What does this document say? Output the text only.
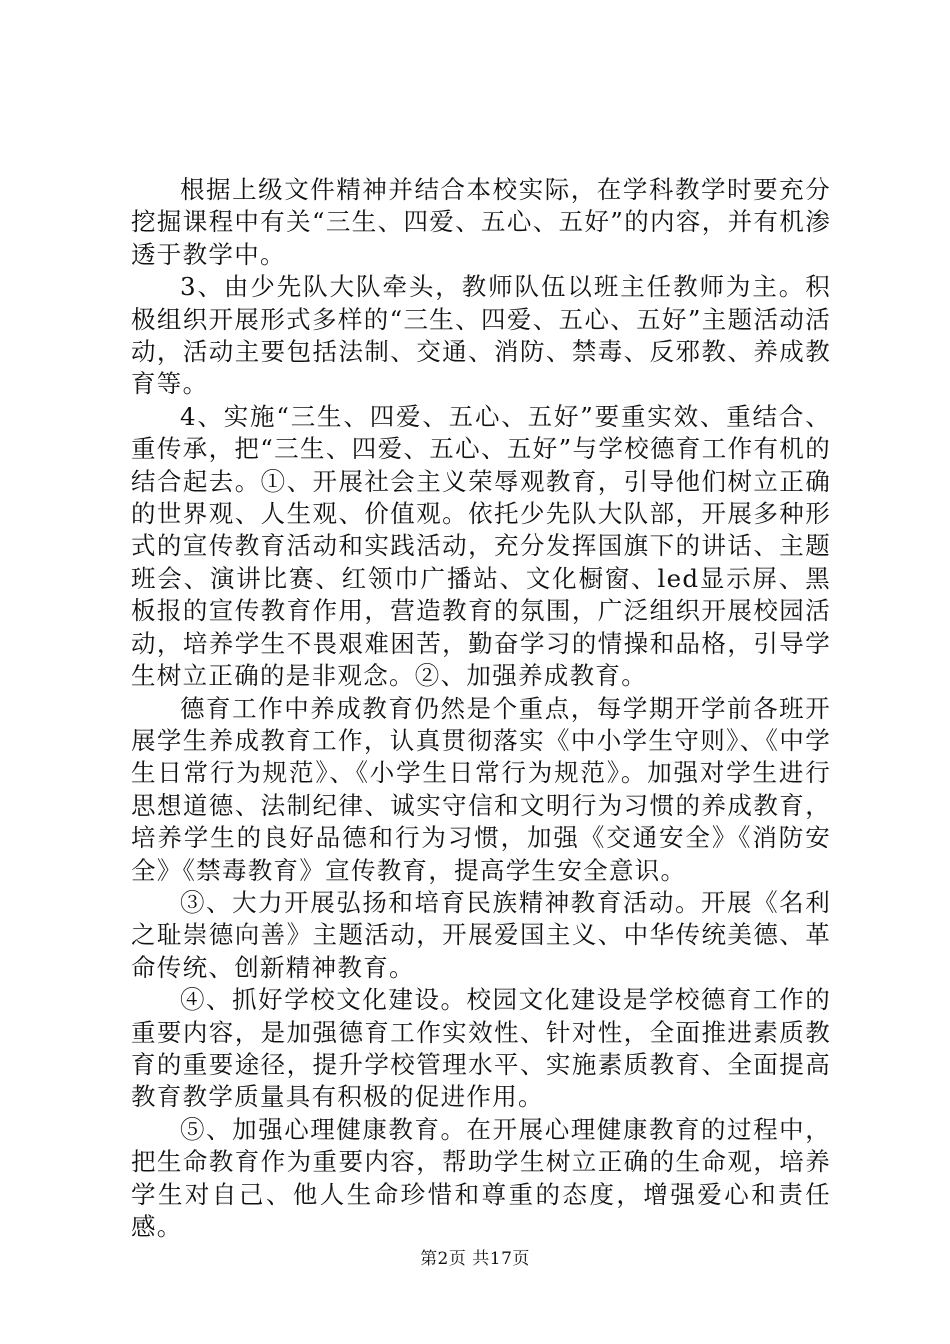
根据上级文件精神并结合本校实际，在学科教学时要充分挖掘课程中有关“三生、四爱、五心、五好”的内容，并有机渗透于教学中。

3、由少先队大队牵头，教师队伍以班主任教师为主。积极组织开展形式多样的“三生、四爱、五心、五好”主题活动活动，活动主要包括法制、交通、消防、禁毒、反邪教、养成教育等。

4、实施“三生、四爱、五心、五好”要重实效、重结合、重传承，把“三生、四爱、五心、五好”与学校德育工作有机的结合起去。①、开展社会主义荣辱观教育，引导他们树立正确的世界观、人生观、价值观。依托少先队大队部，开展多种形式的宣传教育活动和实践活动，充分发挥国旗下的讲话、主题班会、演讲比赛、红领巾广播站、文化橱窗、led显示屏、黑板报的宣传教育作用，营造教育的氛围，广泛组织开展校园活动，培养学生不畏艰难困苦，勤奋学习的情操和品格，引导学生树立正确的是非观念。②、加强养成教育。

德育工作中养成教育仍然是个重点，每学期开学前各班开展学生养成教育工作，认真贯彻落实《中小学生守则》、《中学生日常行为规范》、《小学生日常行为规范》。加强对学生进行思想道德、法制纪律、诚实守信和文明行为习惯的养成教育，培养学生的良好品德和行为习惯，加强《交通安全》《消防安全》《禁毒教育》宣传教育，提高学生安全意识。

③、大力开展弘扬和培育民族精神教育活动。开展《名利之耻崇德向善》主题活动，开展爱国主义、中华传统美德、革命传统、创新精神教育。

④、抓好学校文化建设。校园文化建设是学校德育工作的重要内容，是加强德育工作实效性、针对性，全面推进素质教育的重要途径，提升学校管理水平、实施素质教育、全面提高教育教学质量具有积极的促进作用。

⑤、加强心理健康教育。在开展心理健康教育的过程中，把生命教育作为重要内容，帮助学生树立正确的生命观，培养学生对自己、他人生命珍惜和尊重的态度，增强爱心和责任感。

第2页 共17页
